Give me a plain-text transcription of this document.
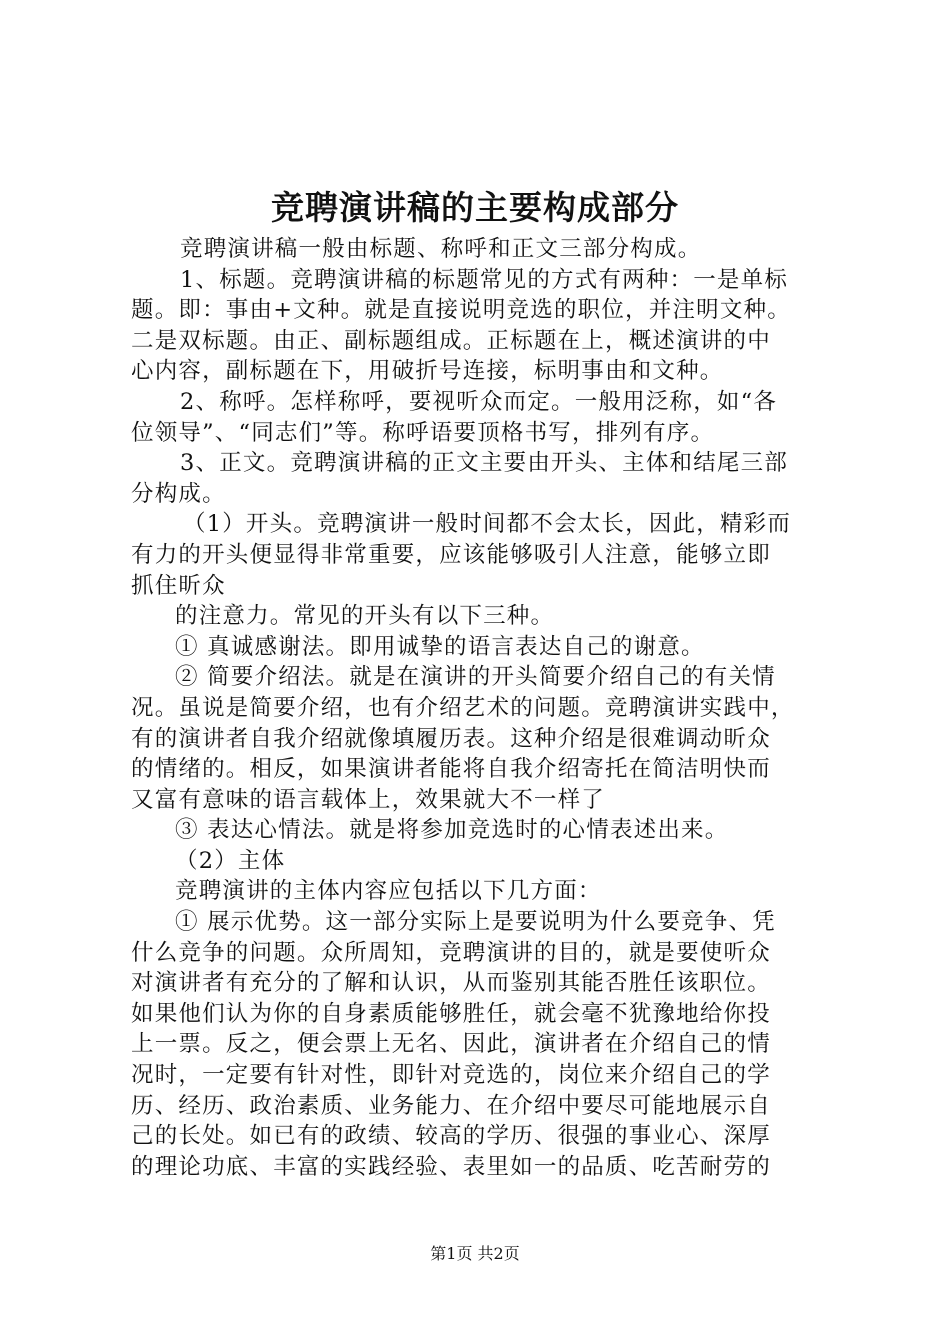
竞聘演讲稿的主要构成部分
竞聘演讲稿一般由标题、称呼和正文三部分构成。
1、标题。竞聘演讲稿的标题常见的方式有两种：一是单标
题。即：事由+文种。就是直接说明竞选的职位，并注明文种。
二是双标题。由正、副标题组成。正标题在上，概述演讲的中
心内容，副标题在下，用破折号连接，标明事由和文种。
2、称呼。怎样称呼，要视听众而定。一般用泛称，如“各
位领导”、“同志们”等。称呼语要顶格书写，排列有序。
3、正文。竞聘演讲稿的正文主要由开头、主体和结尾三部
分构成。
（1）开头。竞聘演讲一般时间都不会太长，因此，精彩而
有力的开头便显得非常重要，应该能够吸引人注意，能够立即
抓住昕众
的注意力。常见的开头有以下三种。
① 真诚感谢法。即用诚挚的语言表达自己的谢意。
② 简要介绍法。就是在演讲的开头简要介绍自己的有关情
况。虽说是简要介绍，也有介绍艺术的问题。竞聘演讲实践中，
有的演讲者自我介绍就像填履历表。这种介绍是很难调动昕众
的情绪的。相反，如果演讲者能将自我介绍寄托在简洁明快而
又富有意味的语言载体上，效果就大不一样了
③ 表达心情法。就是将参加竞选时的心情表述出来。
（2）主体
竞聘演讲的主体内容应包括以下几方面：
① 展示优势。这一部分实际上是要说明为什么要竞争、凭
什么竞争的问题。众所周知，竞聘演讲的目的，就是要使听众
对演讲者有充分的了解和认识，从而鉴别其能否胜任该职位。
如果他们认为你的自身素质能够胜任，就会毫不犹豫地给你投
上一票。反之，便会票上无名、因此，演讲者在介绍自己的情
况时，一定要有针对性，即针对竞选的，岗位来介绍自己的学
历、经历、政治素质、业务能力、在介绍中要尽可能地展示自
己的长处。如已有的政绩、较高的学历、很强的事业心、深厚
的理论功底、丰富的实践经验、表里如一的品质、吃苦耐劳的
第1页 共2页
